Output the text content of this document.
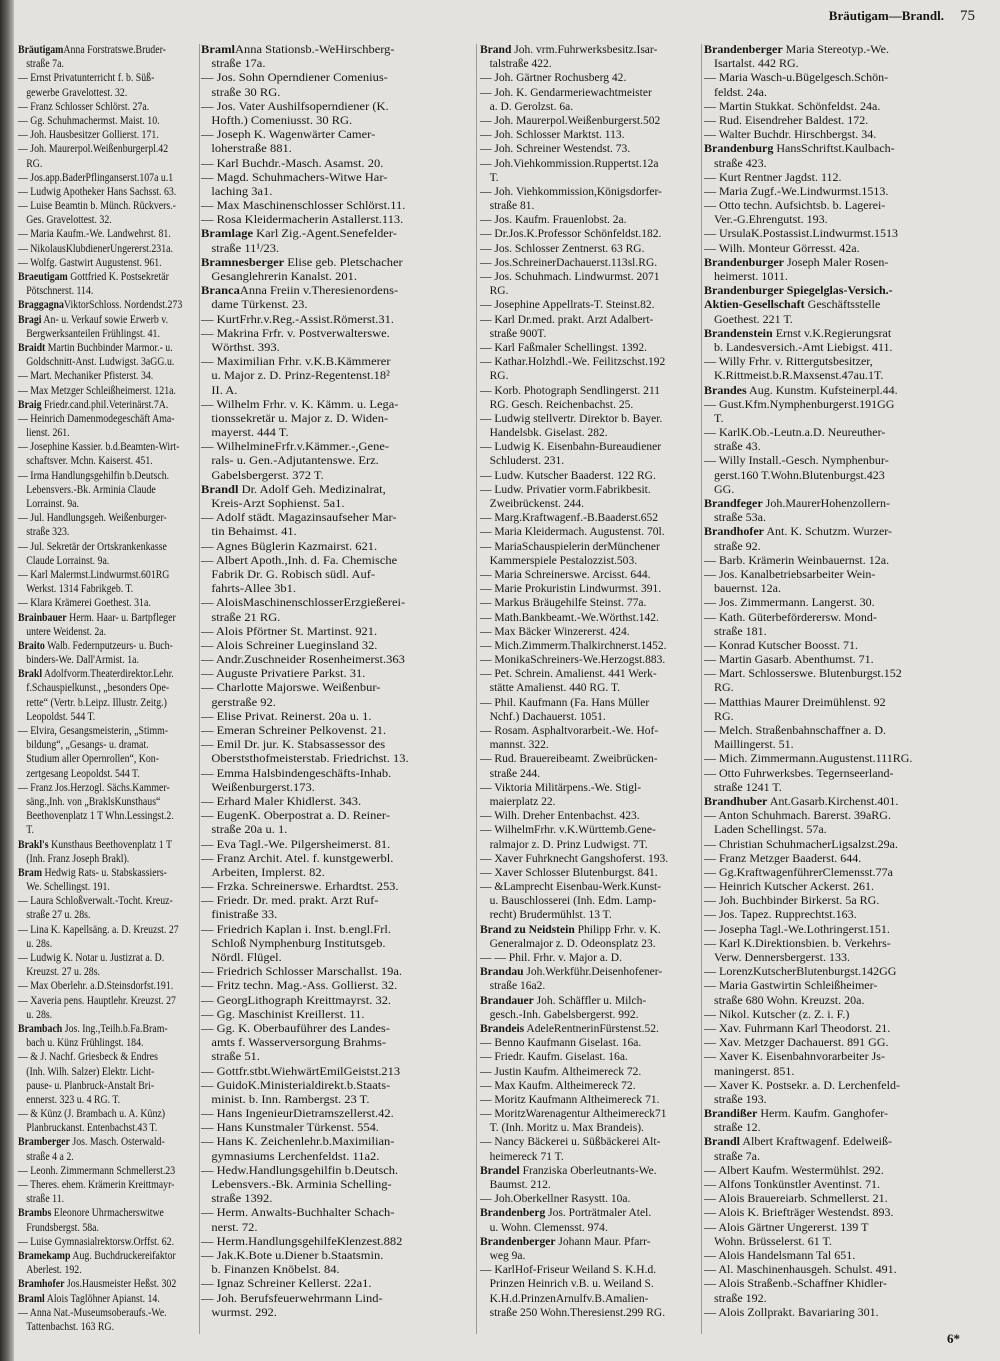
Bräutigam—Brandl. 75
BräutigamAnna Forstratswe.Bruder-
straße 7a.
— Ernst Privatunterricht f. b. Süß-
gewerbe Gravelottest. 32.
— Franz Schlosser Schlörst. 27a.
— Gg. Schuhmachermst. Maist. 10.
— Joh. Hausbesitzer Gollierst. 171.
— Joh. Maurerpol.Weißenburgerpl.42
RG.
— Jos.app.BaderPflinganserst.107a u.1
— Ludwig Apotheker Hans Sachsst. 63.
— Luise Beamtin b. Münch. Rückvers.-
Ges. Gravelottest. 32.
— Maria Kaufm.-We. Landwehrst. 81.
— NikolausKlubdienerUngererst.231a.
— Wolfg. Gastwirt Augustenst. 961.
Braeutigam Gottfried K. Postsekretär
Pötschnerst. 114.
BraggagnaViktorSchloss. Nordendst.273
Bragi An- u. Verkauf sowie Erwerb v.
Bergwerksanteilen Frühlingst. 41.
Braidt Martin Buchbinder Marmor.- u.
Goldschnitt-Anst. Ludwigst. 3aGG.u.
— Mart. Mechaniker Pfisterst. 34.
— Max Metzger Schleißheimerst. 121a.
Braig Friedr.cand.phil.Veterinärst.7A.
— Heinrich Damenmodegeschäft Ama-
lienst. 261.
— Josephine Kassier. b.d.Beamten-Wirt-
schaftsver. Mchn. Kaiserst. 451.
— Irma Handlungsgehilfin b.Deutsch.
Lebensvers.-Bk. Arminia Claude
Lorrainst. 9a.
— Jul. Handlungsgeh. Weißenburger-
straße 323.
— Jul. Sekretär der Ortskrankenkasse
Claude Lorrainst. 9a.
— Karl Malermst.Lindwurmst.601RG
Werkst. 1314 Fabrikgeb. T.
— Klara Krämerei Goethest. 31a.
Brainbauer Herm. Haar- u. Bartpfleger
untere Weidenst. 2a.
Braito Walb. Federnputzeurs- u. Buch-
binders-We. Dall'Armist. 1a.
Brakl Adolfvorm.Theaterdirektor.Lehr.
f.Schauspielkunst., „besonders Ope-
rette“ (Vertr. b.Leipz. Illustr. Zeitg.)
Leopoldst. 544 T.
— Elvira, Gesangsmeisterin, „Stimm-
bildung“, „Gesangs- u. dramat.
Studium aller Opernrollen“, Kon-
zertgesang Leopoldst. 544 T.
— Franz Jos.Herzogl. Sächs.Kammer-
säng.,Inh. von „BraklsKunsthaus“
Beethovenplatz 1 T Whn.Lessingst.2.
T.
Brakl's Kunsthaus Beethovenplatz 1 T
(Inh. Franz Joseph Brakl).
Bram Hedwig Rats- u. Stabskassiers-
We. Schellingst. 191.
— Laura Schloßverwalt.-Tocht. Kreuz-
straße 27 u. 28s.
— Lina K. Kapellsäng. a. D. Kreuzst. 27
u. 28s.
— Ludwig K. Notar u. Justizrat a. D.
Kreuzst. 27 u. 28s.
— Max Oberlehr. a.D.Steinsdorfst.191.
— Xaveria pens. Hauptlehr. Kreuzst. 27
u. 28s.
Brambach Jos. Ing.,Teilh.b.Fa.Bram-
bach u. Künz Frühlingst. 184.
— & J. Nachf. Griesbeck & Endres
(Inh. Wilh. Salzer) Elektr. Licht-
pause- u. Planbruck-Anstalt Bri-
ennerst. 323 u. 4 RG. T.
— & Künz (J. Brambach u. A. Künz)
Planbruckanst. Entenbachst.43 T.
Bramberger Jos. Masch. Osterwald-
straße 4 a 2.
— Leonh. Zimmermann Schmellerst.23
— Theres. ehem. Krämerin Kreittmayr-
straße 11.
Brambs Eleonore Uhrmacherswitwe
Frundsbergst. 58a.
— Luise Gymnasialrektorsw.Orffst. 62.
Bramekamp Aug. Buchdruckereifaktor
Aberlest. 192.
Bramhofer Jos.Hausmeister Heßst. 302
Braml Alois Taglöhner Apianst. 14.
— Anna Nat.-Museumsoberaufs.-We.
Tattenbachst. 163 RG.
BramlAnna Stationsb.-WeHirschberg-
straße 17a.
— Jos. Sohn Operndiener Comenius-
straße 30 RG.
— Jos. Vater Aushilfsoperndiener (K.
Hofth.) Comeniusst. 30 RG.
— Joseph K. Wagenwärter Camer-
loherstraße 881.
— Karl Buchdr.-Masch. Asamst. 20.
— Magd. Schuhmachers-Witwe Har-
laching 3a1.
— Max Maschinenschlosser Schlörst.11.
— Rosa Kleidermacherin Astallerst.113.
Bramlage Karl Zig.-Agent.Senefelder-
straße 11¹/23.
Bramnesberger Elise geb. Pletschacher
Gesanglehrerin Kanalst. 201.
BrancaAnna Freiin v.Theresienordens-
dame Türkenst. 23.
— KurtFrhr.v.Reg.-Assist.Römerst.31.
— Makrina Frfr. v. Postverwalterswe.
Wörthst. 393.
— Maximilian Frhr. v.K.B.Kämmerer
u. Major z. D. Prinz-Regentenst.18²
II. A.
— Wilhelm Frhr. v. K. Kämm. u. Lega-
tionssekretär u. Major z. D. Widen-
mayerst. 444 T.
— WilhelmineFrfr.v.Kämmer.-,Gene-
rals- u. Gen.-Adjutantenswe. Erz.
Gabelsbergerst. 372 T.
Brandl Dr. Adolf Geh. Medizinalrat,
Kreis-Arzt Sophienst. 5a1.
— Adolf städt. Magazinsaufseher Mar-
tin Behaimst. 41.
— Agnes Büglerin Kazmairst. 621.
— Albert Apoth.,Inh. d. Fa. Chemische
Fabrik Dr. G. Robisch südl. Auf-
fahrts-Allee 3b1.
— AloisMaschinenschlosserErzgießerei-
straße 21 RG.
— Alois Pförtner St. Martinst. 921.
— Alois Schreiner Lueginsland 32.
— Andr.Zuschneider Rosenheimerst.363
— Auguste Privatiere Parkst. 31.
— Charlotte Majorswe. Weißenbur-
gerstraße 92.
— Elise Privat. Reinerst. 20a u. 1.
— Emeran Schreiner Pelkovenst. 21.
— Emil Dr. jur. K. Stabsassessor des
Oberststhofmeisterstab. Friedrichst. 13.
— Emma Halsbindengeschäfts-Inhab.
Weißenburgerst.173.
— Erhard Maler Khidlerst. 343.
— EugenK. Oberpostrat a. D. Reiner-
straße 20a u. 1.
— Eva Tagl.-We. Pilgersheimerst. 81.
— Franz Archit. Atel. f. kunstgewerbl.
Arbeiten, Implerst. 82.
— Frzka. Schreinerswe. Erhardtst. 253.
— Friedr. Dr. med. prakt. Arzt Ruf-
finistraße 33.
— Friedrich Kaplan i. Inst. b.engl.Frl.
Schloß Nymphenburg Institutsgeb.
Nördl. Flügel.
— Friedrich Schlosser Marschallst. 19a.
— Fritz techn. Mag.-Ass. Gollierst. 32.
— GeorgLithograph Kreittmayrst. 32.
— Gg. Maschinist Kreillerst. 11.
— Gg. K. Oberbauführer des Landes-
amts f. Wasserversorgung Brahms-
straße 51.
— Gottfr.stbt.WiehwärtEmilGeistst.213
— GuidoK.Ministerialdirekt.b.Staats-
minist. b. Inn. Rambergst. 23 T.
— Hans IngenieurDietramszellerst.42.
— Hans Kunstmaler Türkenst. 554.
— Hans K. Zeichenlehr.b.Maximilian-
gymnasiums Lerchenfeldst. 11a2.
— Hedw.Handlungsgehilfin b.Deutsch.
Lebensvers.-Bk. Arminia Schelling-
straße 1392.
— Herm. Anwalts-Buchhalter Schach-
nerst. 72.
— Herm.HandlungsgehilfeKlenzest.882
— Jak.K.Bote u.Diener b.Staatsmin.
b. Finanzen Knöbelst. 84.
— Ignaz Schreiner Kellerst. 22a1.
— Joh. Berufsfeuerwehrmann Lind-
wurmst. 292.
Brand Joh. vrm.Fuhrwerksbesitz.Isar-
talstraße 422.
— Joh. Gärtner Rochusberg 42.
— Joh. K. Gendarmeriewachtmeister
a. D. Gerolzst. 6a.
— Joh. Maurerpol.Weißenburgerst.502
— Joh. Schlosser Marktst. 113.
— Joh. Schreiner Westendst. 73.
— Joh.Viehkommission.Ruppertst.12a
T.
— Joh. Viehkommission,Königsdorfer-
straße 81.
— Jos. Kaufm. Frauenlobst. 2a.
— Dr.Jos.K.Professor Schönfeldst.182.
— Jos. Schlosser Zentnerst. 63 RG.
— Jos.SchreinerDachauerst.113sl.RG.
— Jos. Schuhmach. Lindwurmst. 2071
RG.
— Josephine Appellrats-T. Steinst.82.
— Karl Dr.med. prakt. Arzt Adalbert-
straße 900T.
— Karl Faßmaler Schellingst. 1392.
— Kathar.Holzhdl.-We. Feilitzschst.192
RG.
— Korb. Photograph Sendlingerst. 211
RG. Gesch. Reichenbachst. 25.
— Ludwig stellvertr. Direktor b. Bayer.
Handelsbk. Giselast. 282.
— Ludwig K. Eisenbahn-Bureaudiener
Schluderst. 231.
— Ludw. Kutscher Baaderst. 122 RG.
— Ludw. Privatier vorm.Fabrikbesit.
Zweibrückenst. 244.
— Marg.Kraftwagenf.-B.Baaderst.652
— Maria Kleidermach. Augustenst. 70l.
— MariaSchauspielerin derMünchener
Kammerspiele Pestalozzist.503.
— Maria Schreinerswe. Arcisst. 644.
— Marie Prokuristin Lindwurmst. 391.
— Markus Bräugehilfe Steinst. 77a.
— Math.Bankbeamt.-We.Wörthst.142.
— Max Bäcker Winzererst. 424.
— Mich.Zimmerm.Thalkirchnerst.1452.
— MonikaSchreiners-We.Herzogst.883.
— Pet. Schrein. Amalienst. 441 Werk-
stätte Amalienst. 440 RG. T.
— Phil. Kaufmann (Fa. Hans Müller
Nchf.) Dachauerst. 1051.
— Rosam. Asphaltvorarbeit.-We. Hof-
mannst. 322.
— Rud. Brauereibeamt. Zweibrücken-
straße 244.
— Viktoria Militärpens.-We. Stigl-
maierplatz 22.
— Wilh. Dreher Entenbachst. 423.
— WilhelmFrhr. v.K.Württemb.Gene-
ralmajor z. D. Prinz Ludwigst. 7T.
— Xaver Fuhrknecht Gangshoferst. 193.
— Xaver Schlosser Blutenburgst. 841.
— &Lamprecht Eisenbau-Werk.Kunst-
u. Bauschlosserei (Inh. Edm. Lamp-
recht) Brudermühlst. 13 T.
Brand zu Neidstein Philipp Frhr. v. K.
Generalmajor z. D. Odeonsplatz 23.
— — Phil. Frhr. v. Major a. D.
Brandau Joh.Werkführ.Deisenhofener-
straße 16a2.
Brandauer Joh. Schäffler u. Milch-
gesch.-Inh. Gabelsbergerst. 992.
Brandeis AdeleRentnerinFürstenst.52.
— Benno Kaufmann Giselast. 16a.
— Friedr. Kaufm. Giselast. 16a.
— Justin Kaufm. Altheimereck 72.
— Max Kaufm. Altheimereck 72.
— Moritz Kaufmann Altheimereck 71.
— MoritzWarenagentur Altheimereck71
T. (Inh. Moritz u. Max Brandeis).
— Nancy Bäckerei u. Süßbäckerei Alt-
heimereck 71 T.
Brandel Franziska Oberleutnants-We.
Baumst. 212.
— Joh.Oberkellner Rasystt. 10a.
Brandenberg Jos. Porträtmaler Atel.
u. Wohn. Clemensst. 974.
Brandenberger Johann Maur. Pfarr-
weg 9a.
— KarlHof-Friseur Weiland S. K.H.d.
Prinzen Heinrich v.B. u. Weiland S.
K.H.d.PrinzenArnulfv.B.Amalien-
straße 250 Wohn.Theresienst.299 RG.
Brandenberger Maria Stereotyp.-We.
Isartalst. 442 RG.
— Maria Wasch-u.Bügelgesch.Schön-
feldst. 24a.
— Martin Stukkat. Schönfeldst. 24a.
— Rud. Eisendreher Baldest. 172.
— Walter Buchdr. Hirschbergst. 34.
Brandenburg HansSchriftst.Kaulbach-
straße 423.
— Kurt Rentner Jagdst. 112.
— Maria Zugf.-We.Lindwurmst.1513.
— Otto techn. Aufsichtsb. b. Lagerei-
Ver.-G.Ehrengutst. 193.
— UrsulaK.Postassist.Lindwurmst.1513
— Wilh. Monteur Görresst. 42a.
Brandenburger Joseph Maler Rosen-
heimerst. 1011.
Brandenburger Spiegelglas-Versich.-
Aktien-Gesellschaft Geschäftsstelle
Goethest. 221 T.
Brandenstein Ernst v.K.Regierungsrat
b. Landesversich.-Amt Liebigst. 411.
— Willy Frhr. v. Rittergutsbesitzer,
K.Rittmeist.b.R.Maxsenst.47au.1T.
Brandes Aug. Kunstm. Kufsteinerpl.44.
— Gust.Kfm.Nymphenburgerst.191GG
T.
— KarlK.Ob.-Leutn.a.D. Neureuther-
straße 43.
— Willy Install.-Gesch. Nymphenbur-
gerst.160 T.Wohn.Blutenburgst.423
GG.
Brandfeger Joh.MaurerHohenzollern-
straße 53a.
Brandhofer Ant. K. Schutzm. Wurzer-
straße 92.
— Barb. Krämerin Weinbauernst. 12a.
— Jos. Kanalbetriebsarbeiter Wein-
bauernst. 12a.
— Jos. Zimmermann. Langerst. 30.
— Kath. Güterbeförderersw. Mond-
straße 181.
— Konrad Kutscher Boosst. 71.
— Martin Gasarb. Abenthumst. 71.
— Mart. Schlosserswe. Blutenburgst.152
RG.
— Matthias Maurer Dreimühlenst. 92
RG.
— Melch. Straßenbahnschaffner a. D.
Maillingerst. 51.
— Mich. Zimmermann.Augustenst.111RG.
— Otto Fuhrwerksbes. Tegernseerland-
straße 1241 T.
Brandhuber Ant.Gasarb.Kirchenst.401.
— Anton Schuhmach. Barerst. 39aRG.
Laden Schellingst. 57a.
— Christian SchuhmacherLigsalzst.29a.
— Franz Metzger Baaderst. 644.
— Gg.KraftwagenführerClemensst.77a
— Heinrich Kutscher Ackerst. 261.
— Joh. Buchbinder Birkerst. 5a RG.
— Jos. Tapez. Rupprechtst.163.
— Josepha Tagl.-We.Lothringerst.151.
— Karl K.Direktionsbien. b. Verkehrs-
Verw. Dennersbergerst. 133.
— LorenzKutscherBlutenburgst.142GG
— Maria Gastwirtin Schleißheimer-
straße 680 Wohn. Kreuzst. 20a.
— Nikol. Kutscher (z. Z. i. F.)
— Xav. Fuhrmann Karl Theodorst. 21.
— Xav. Metzger Dachauerst. 891 GG.
— Xaver K. Eisenbahnvorarbeiter Js-
maningerst. 851.
— Xaver K. Postsekr. a. D. Lerchenfeld-
straße 193.
Brandißer Herm. Kaufm. Ganghofer-
straße 12.
Brandl Albert Kraftwagenf. Edelweiß-
straße 7a.
— Albert Kaufm. Westermühlst. 292.
— Alfons Tonkünstler Aventinst. 71.
— Alois Brauereiarb. Schmellerst. 21.
— Alois K. Briefträger Westendst. 893.
— Alois Gärtner Ungererst. 139 T
Wohn. Brüsselerst. 61 T.
— Alois Handelsmann Tal 651.
— Al. Maschinenhausgeh. Schulst. 491.
— Alois Straßenb.-Schaffner Khidler-
straße 192.
— Alois Zollprakt. Bavariaring 301.
6*
